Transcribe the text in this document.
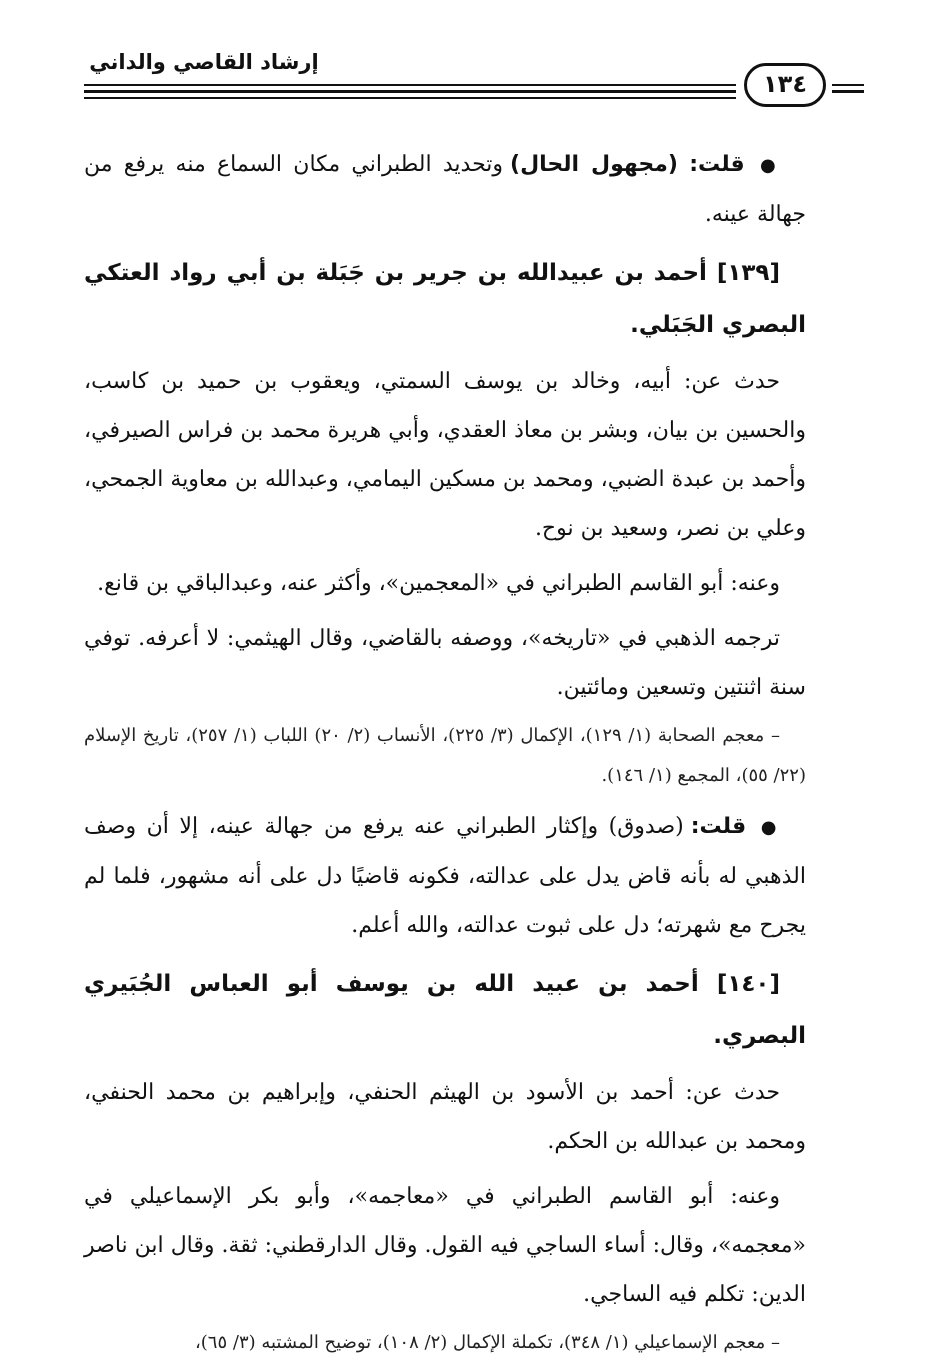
إرشاد القاصي والداني
١٣٤

● قلت: (مجهول الحال) وتحديد الطبراني مكان السماع منه يرفع من جهالة عينه.

[١٣٩] أحمد بن عبيدالله بن جرير بن جَبَلة بن أبي رواد العتكي البصري الجَبَلي.

حدث عن: أبيه، وخالد بن يوسف السمتي، ويعقوب بن حميد بن كاسب، والحسين بن بيان، وبشر بن معاذ العقدي، وأبي هريرة محمد بن فراس الصيرفي، وأحمد بن عبدة الضبي، ومحمد بن مسكين اليمامي، وعبدالله بن معاوية الجمحي، وعلي بن نصر، وسعيد بن نوح.

وعنه: أبو القاسم الطبراني في «المعجمين»، وأكثر عنه، وعبدالباقي بن قانع.

ترجمه الذهبي في «تاريخه»، ووصفه بالقاضي، وقال الهيثمي: لا أعرفه. توفي سنة اثنتين وتسعين ومائتين.

– معجم الصحابة (١/ ١٢٩)، الإكمال (٣/ ٢٢٥)، الأنساب (٢/ ٢٠) اللباب (١/ ٢٥٧)، تاريخ الإسلام (٢٢/ ٥٥)، المجمع (١/ ١٤٦).

● قلت: (صدوق) وإكثار الطبراني عنه يرفع من جهالة عينه، إلا أن وصف الذهبي له بأنه قاض يدل على عدالته، فكونه قاضيًا دل على أنه مشهور، فلما لم يجرح مع شهرته؛ دل على ثبوت عدالته، والله أعلم.

[١٤٠] أحمد بن عبيد الله بن يوسف أبو العباس الجُبَيري البصري.

حدث عن: أحمد بن الأسود بن الهيثم الحنفي، وإبراهيم بن محمد الحنفي، ومحمد بن عبدالله بن الحكم.

وعنه: أبو القاسم الطبراني في «معاجمه»، وأبو بكر الإسماعيلي في «معجمه»، وقال: أساء الساجي فيه القول. وقال الدارقطني: ثقة. وقال ابن ناصر الدين: تكلم فيه الساجي.

– معجم الإسماعيلي (١/ ٣٤٨)، تكملة الإكمال (٢/ ١٠٨)، توضيح المشتبه (٣/ ٦٥)،
